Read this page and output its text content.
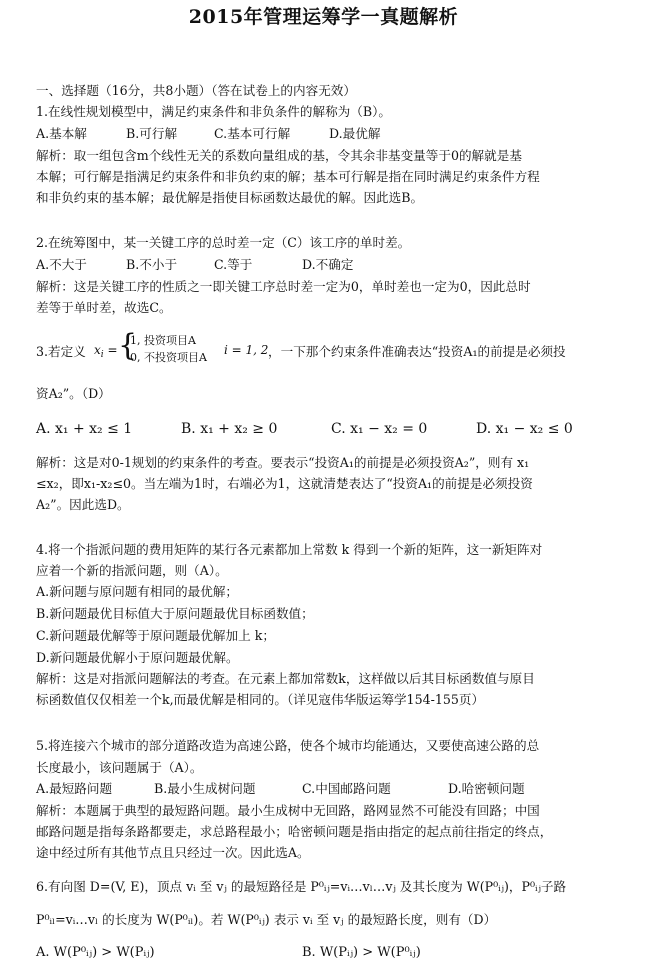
2015年管理运筹学一真题解析
一、选择题（16分，共8小题）（答在试卷上的内容无效）
1.在线性规划模型中，满足约束条件和非负条件的解称为（B）。
A.基本解	B.可行解	C.基本可行解	D.最优解
解析：取一组包含m个线性无关的系数向量组成的基，令其余非基变量等于0的解就是基
本解；可行解是指满足约束条件和非负约束的解；基本可行解是指在同时满足约束条件方程
和非负约束的基本解；最优解是指使目标函数达最优的解。因此选B。
2.在统筹图中，某一关键工序的总时差一定（C）该工序的单时差。
A.不大于	B.不小于	C.等于	D.不确定
解析：这是关键工序的性质之一即关键工序总时差一定为0，单时差也一定为0，因此总时
差等于单时差，故选C。
3.若定义 $x_i$ = {
1, 投资项目A
0, 不投资项目A
i = 1, 2 ，一下那个约束条件准确表达“投资A₁的前提是必须投
资A₂”。（D）
A. x₁ + x₂ ≤ 1	B. x₁ + x₂ ≥ 0	C. x₁ − x₂ = 0	D. x₁ − x₂ ≤ 0
解析：这是对0-1规划的约束条件的考查。要表示“投资A₁的前提是必须投资A₂”，则有 x₁
≤x₂，即x₁-x₂≤0。当左端为1时，右端必为1，这就清楚表达了“投资A₁的前提是必须投资
A₂”。因此选D。
4.将一个指派问题的费用矩阵的某行各元素都加上常数 k 得到一个新的矩阵，这一新矩阵对
应着一个新的指派问题，则（A）。
A.新问题与原问题有相同的最优解；
B.新问题最优目标值大于原问题最优目标函数值；
C.新问题最优解等于原问题最优解加上 k；
D.新问题最优解小于原问题最优解。
解析：这是对指派问题解法的考查。在元素上都加常数k，这样做以后其目标函数值与原目
标函数值仅仅相差一个k,而最优解是相同的。（详见寇伟华版运筹学154-155页）
5.将连接六个城市的部分道路改造为高速公路，使各个城市均能通达，又要使高速公路的总
长度最小，该问题属于（A）。
A.最短路问题	B.最小生成树问题	C.中国邮路问题	D.哈密顿问题
解析：本题属于典型的最短路问题。最小生成树中无回路，路网显然不可能没有回路；中国
邮路问题是指每条路都要走，求总路程最小；哈密顿问题是指由指定的起点前往指定的终点，
途中经过所有其他节点且只经过一次。因此选A。
6.有向图 D=(V, E)，顶点 vᵢ 至 vⱼ 的最短路径是 P⁰ᵢⱼ=vᵢ…vₗ…vⱼ 及其长度为 W(P⁰ᵢⱼ)，P⁰ᵢⱼ子路
P⁰ᵢₗ=vᵢ…vₗ 的长度为 W(P⁰ᵢₗ)。若 W(P⁰ᵢⱼ) 表示 vᵢ 至 vⱼ 的最短路长度，则有（D）
A. W(P⁰ᵢⱼ) > W(Pᵢⱼ)	B. W(Pᵢⱼ) > W(P⁰ᵢⱼ)
